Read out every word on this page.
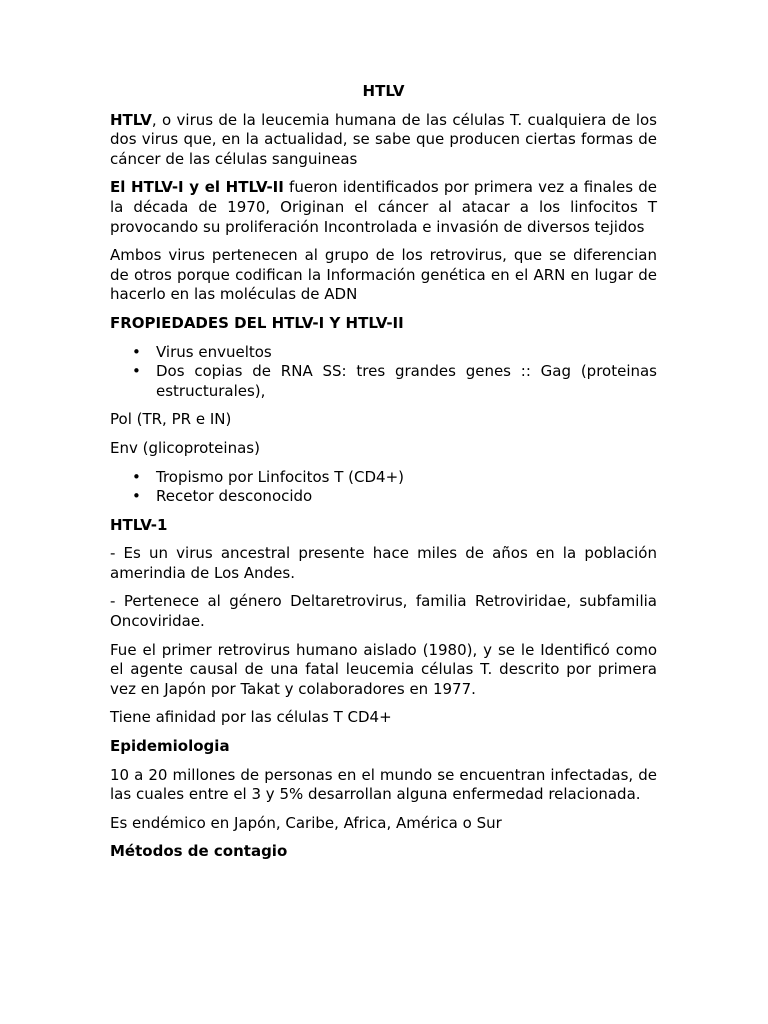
HTLV

HTLV, o virus de la leucemia humana de las células T. cualquiera de los dos virus que, en la actualidad, se sabe que producen ciertas formas de cáncer de las células sanguineas

El HTLV-I y el HTLV-II fueron identificados por primera vez a finales de la década de 1970, Originan el cáncer al atacar a los linfocitos T provocando su proliferación Incontrolada e invasión de diversos tejidos

Ambos virus pertenecen al grupo de los retrovirus, que se diferencian de otros porque codifican la Información genética en el ARN en lugar de hacerlo en las moléculas de ADN

FROPIEDADES DEL HTLV-I Y HTLV-II
• Virus envueltos
• Dos copias de RNA SS: tres grandes genes :: Gag (proteinas estructurales),

Pol (TR, PR e IN)

Env (glicoproteinas)

• Tropismo por Linfocitos T (CD4+)
• Recetor desconocido
HTLV-1

- Es un virus ancestral presente hace miles de años en la población amerindia de Los Andes.

- Pertenece al género Deltaretrovirus, familia Retroviridae, subfamilia Oncoviridae.

Fue el primer retrovirus humano aislado (1980), y se le Identificó como el agente causal de una fatal leucemia células T. descrito por primera vez en Japón por Takat y colaboradores en 1977.

Tiene afinidad por las células T CD4+

Epidemiologia

10 a 20 millones de personas en el mundo se encuentran infectadas, de las cuales entre el 3 y 5% desarrollan alguna enfermedad relacionada.

Es endémico en Japón, Caribe, Africa, América o Sur

Métodos de contagio
